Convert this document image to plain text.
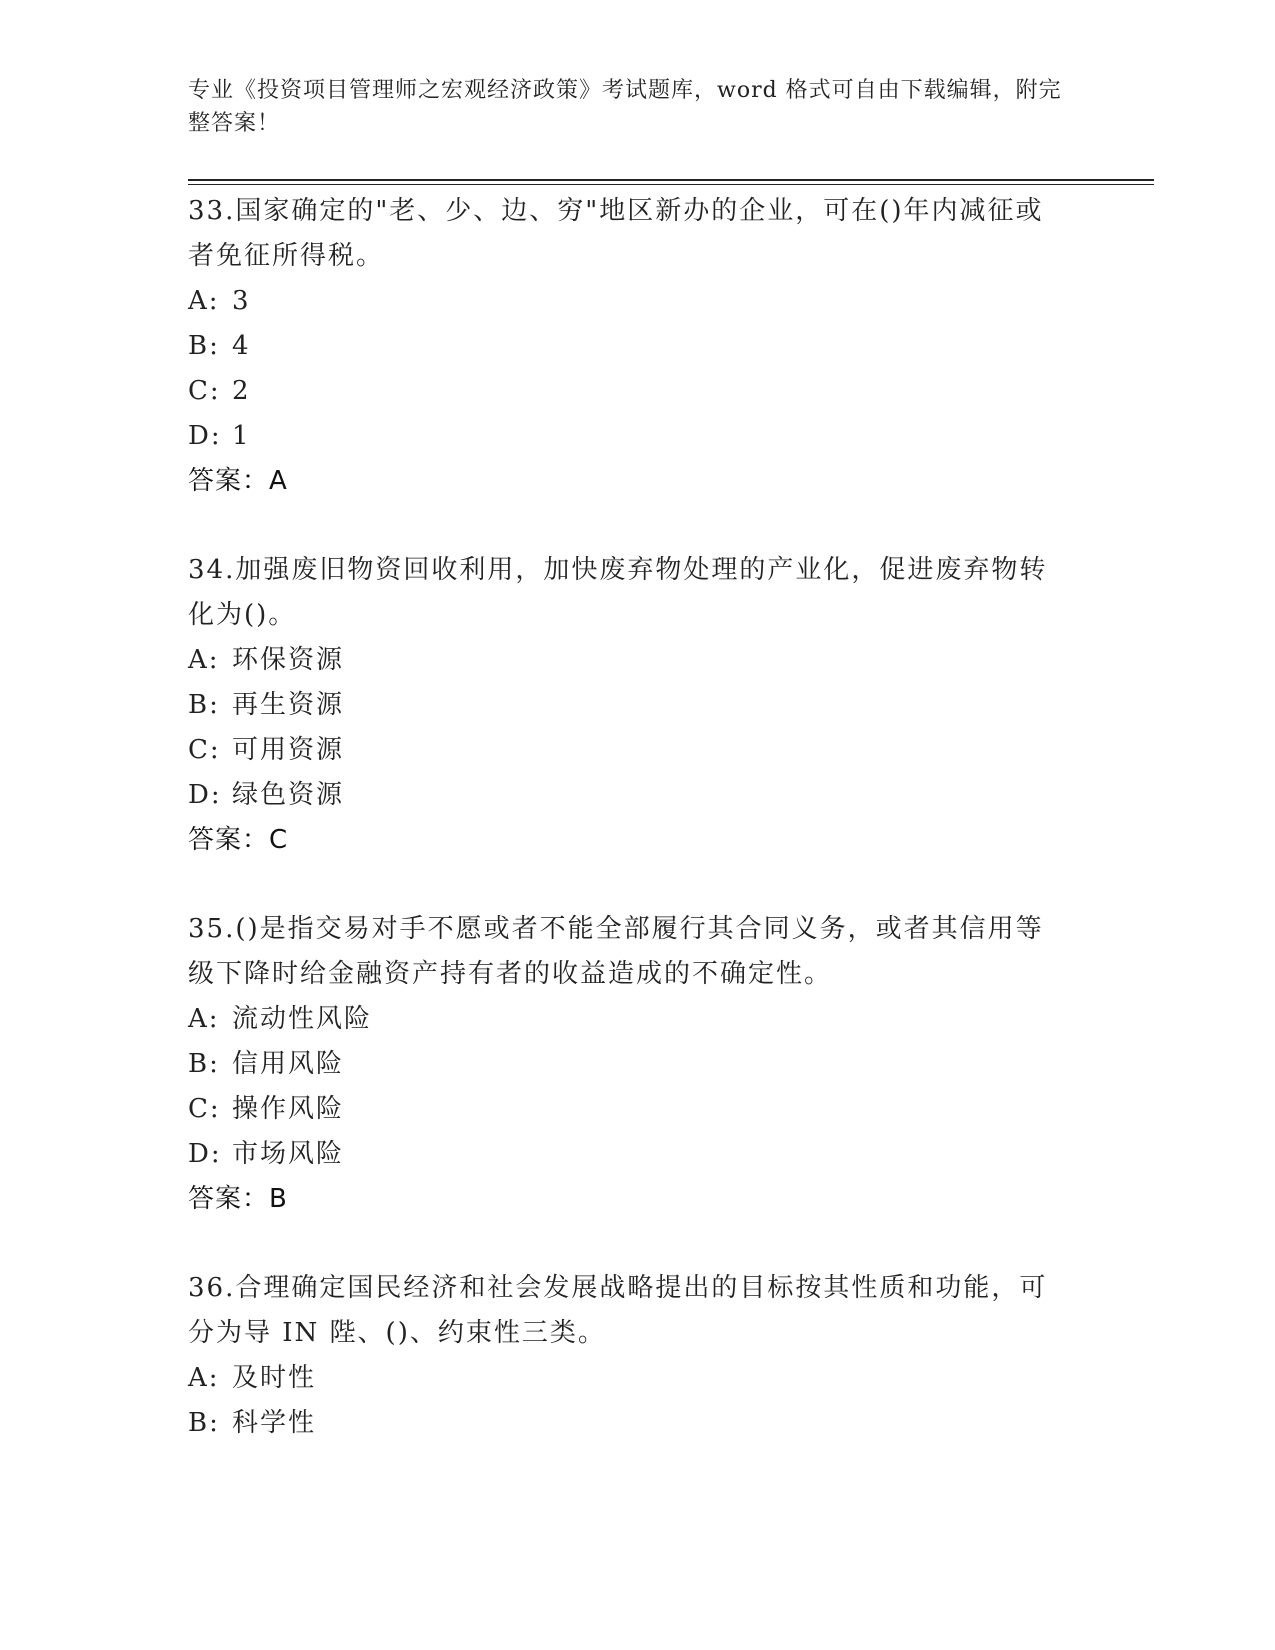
专业《投资项目管理师之宏观经济政策》考试题库，word 格式可自由下载编辑，附完整答案！

33.国家确定的"老、少、边、穷"地区新办的企业，可在()年内减征或者免征所得税。

A: 3
B: 4
C: 2
D: 1

答案：A

34.加强废旧物资回收利用，加快废弃物处理的产业化，促进废弃物转化为()。

A: 环保资源
B: 再生资源
C: 可用资源
D: 绿色资源

答案：C

35.()是指交易对手不愿或者不能全部履行其合同义务，或者其信用等级下降时给金融资产持有者的收益造成的不确定性。

A: 流动性风险
B: 信用风险
C: 操作风险
D: 市场风险

答案：B

36.合理确定国民经济和社会发展战略提出的目标按其性质和功能，可分为导 IN 陛、()、约束性三类。

A: 及时性
B: 科学性
